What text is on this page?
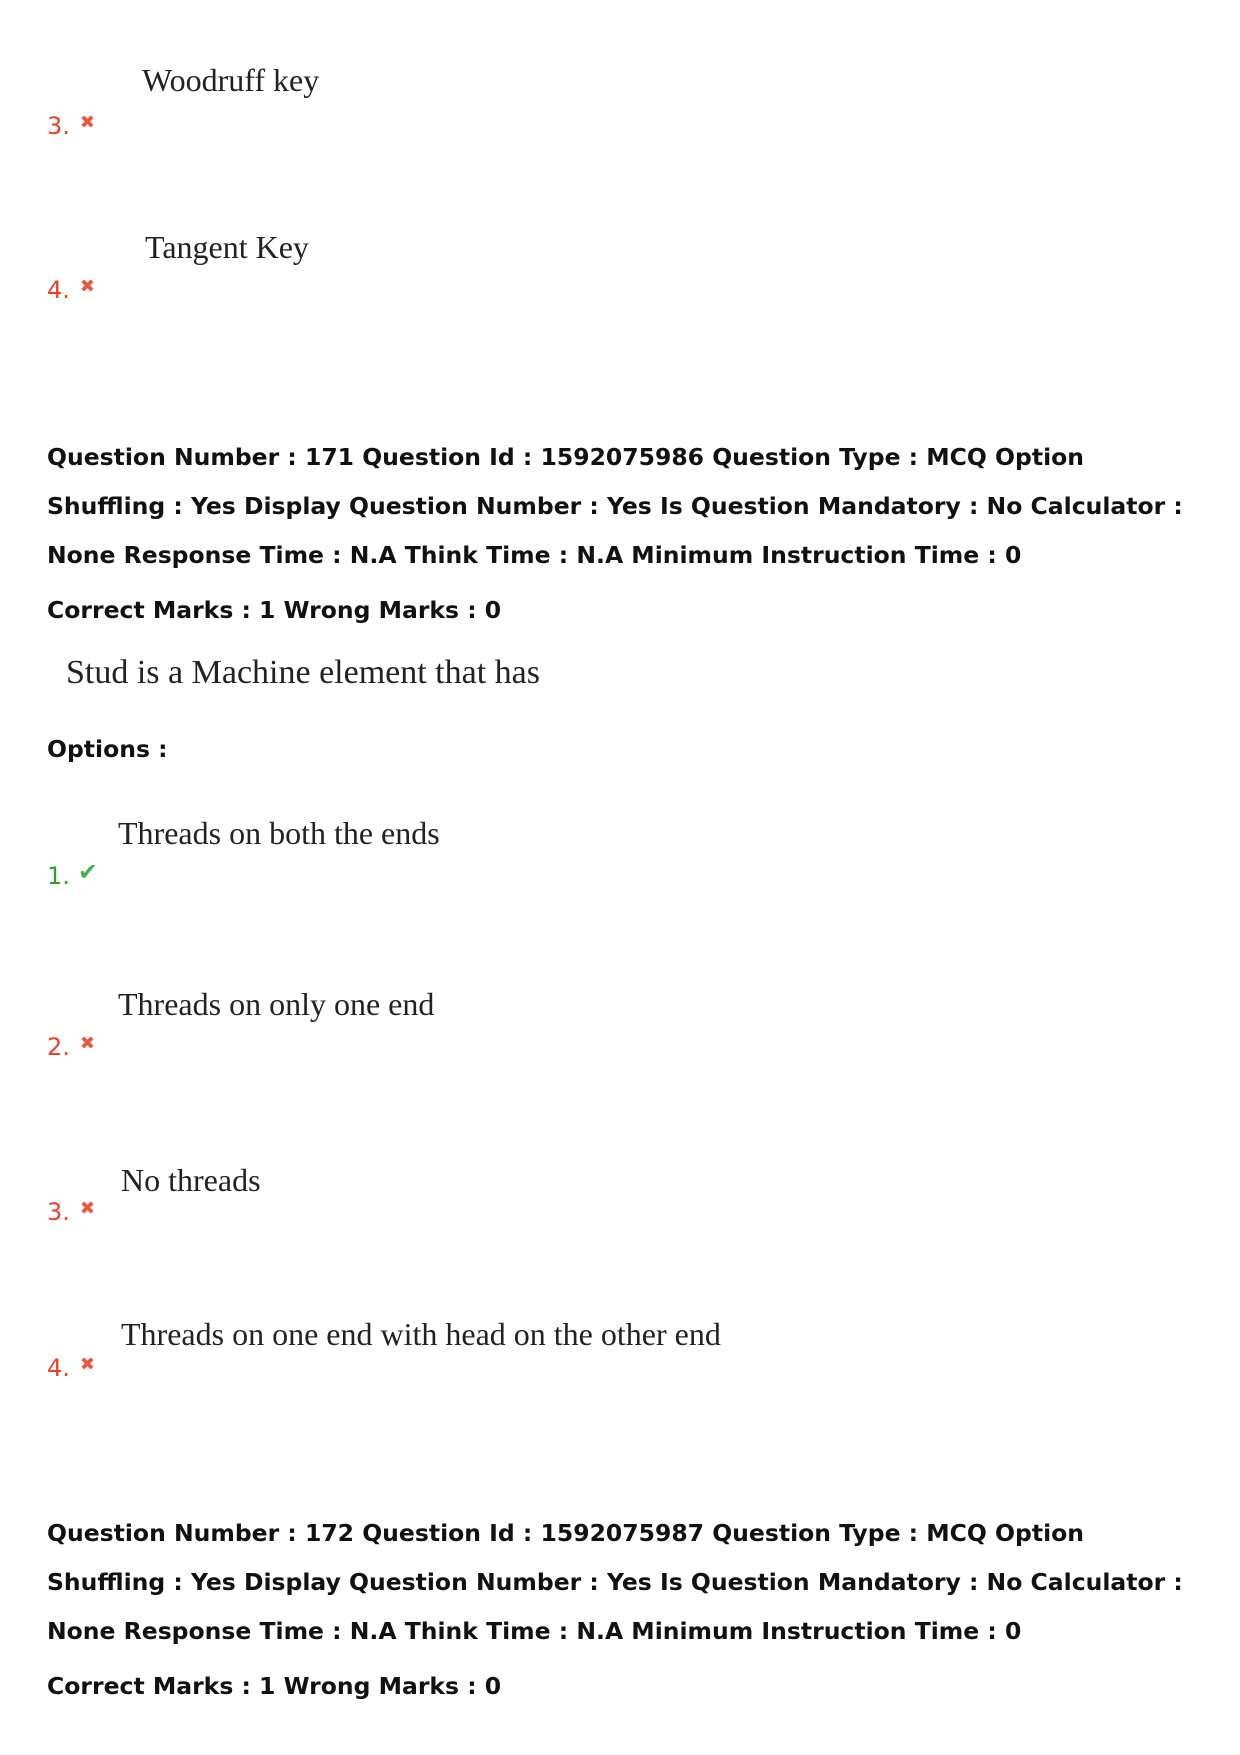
Woodruff key
3. ✖
Tangent Key
4. ✖
Question Number : 171 Question Id : 1592075986 Question Type : MCQ Option Shuffling : Yes Display Question Number : Yes Is Question Mandatory : No Calculator : None Response Time : N.A Think Time : N.A Minimum Instruction Time : 0
Correct Marks : 1 Wrong Marks : 0
Stud is a Machine element that has
Options :
Threads on both the ends
1. ✔
Threads on only one end
2. ✖
No threads
3. ✖
Threads on one end with head on the other end
4. ✖
Question Number : 172 Question Id : 1592075987 Question Type : MCQ Option Shuffling : Yes Display Question Number : Yes Is Question Mandatory : No Calculator : None Response Time : N.A Think Time : N.A Minimum Instruction Time : 0
Correct Marks : 1 Wrong Marks : 0
